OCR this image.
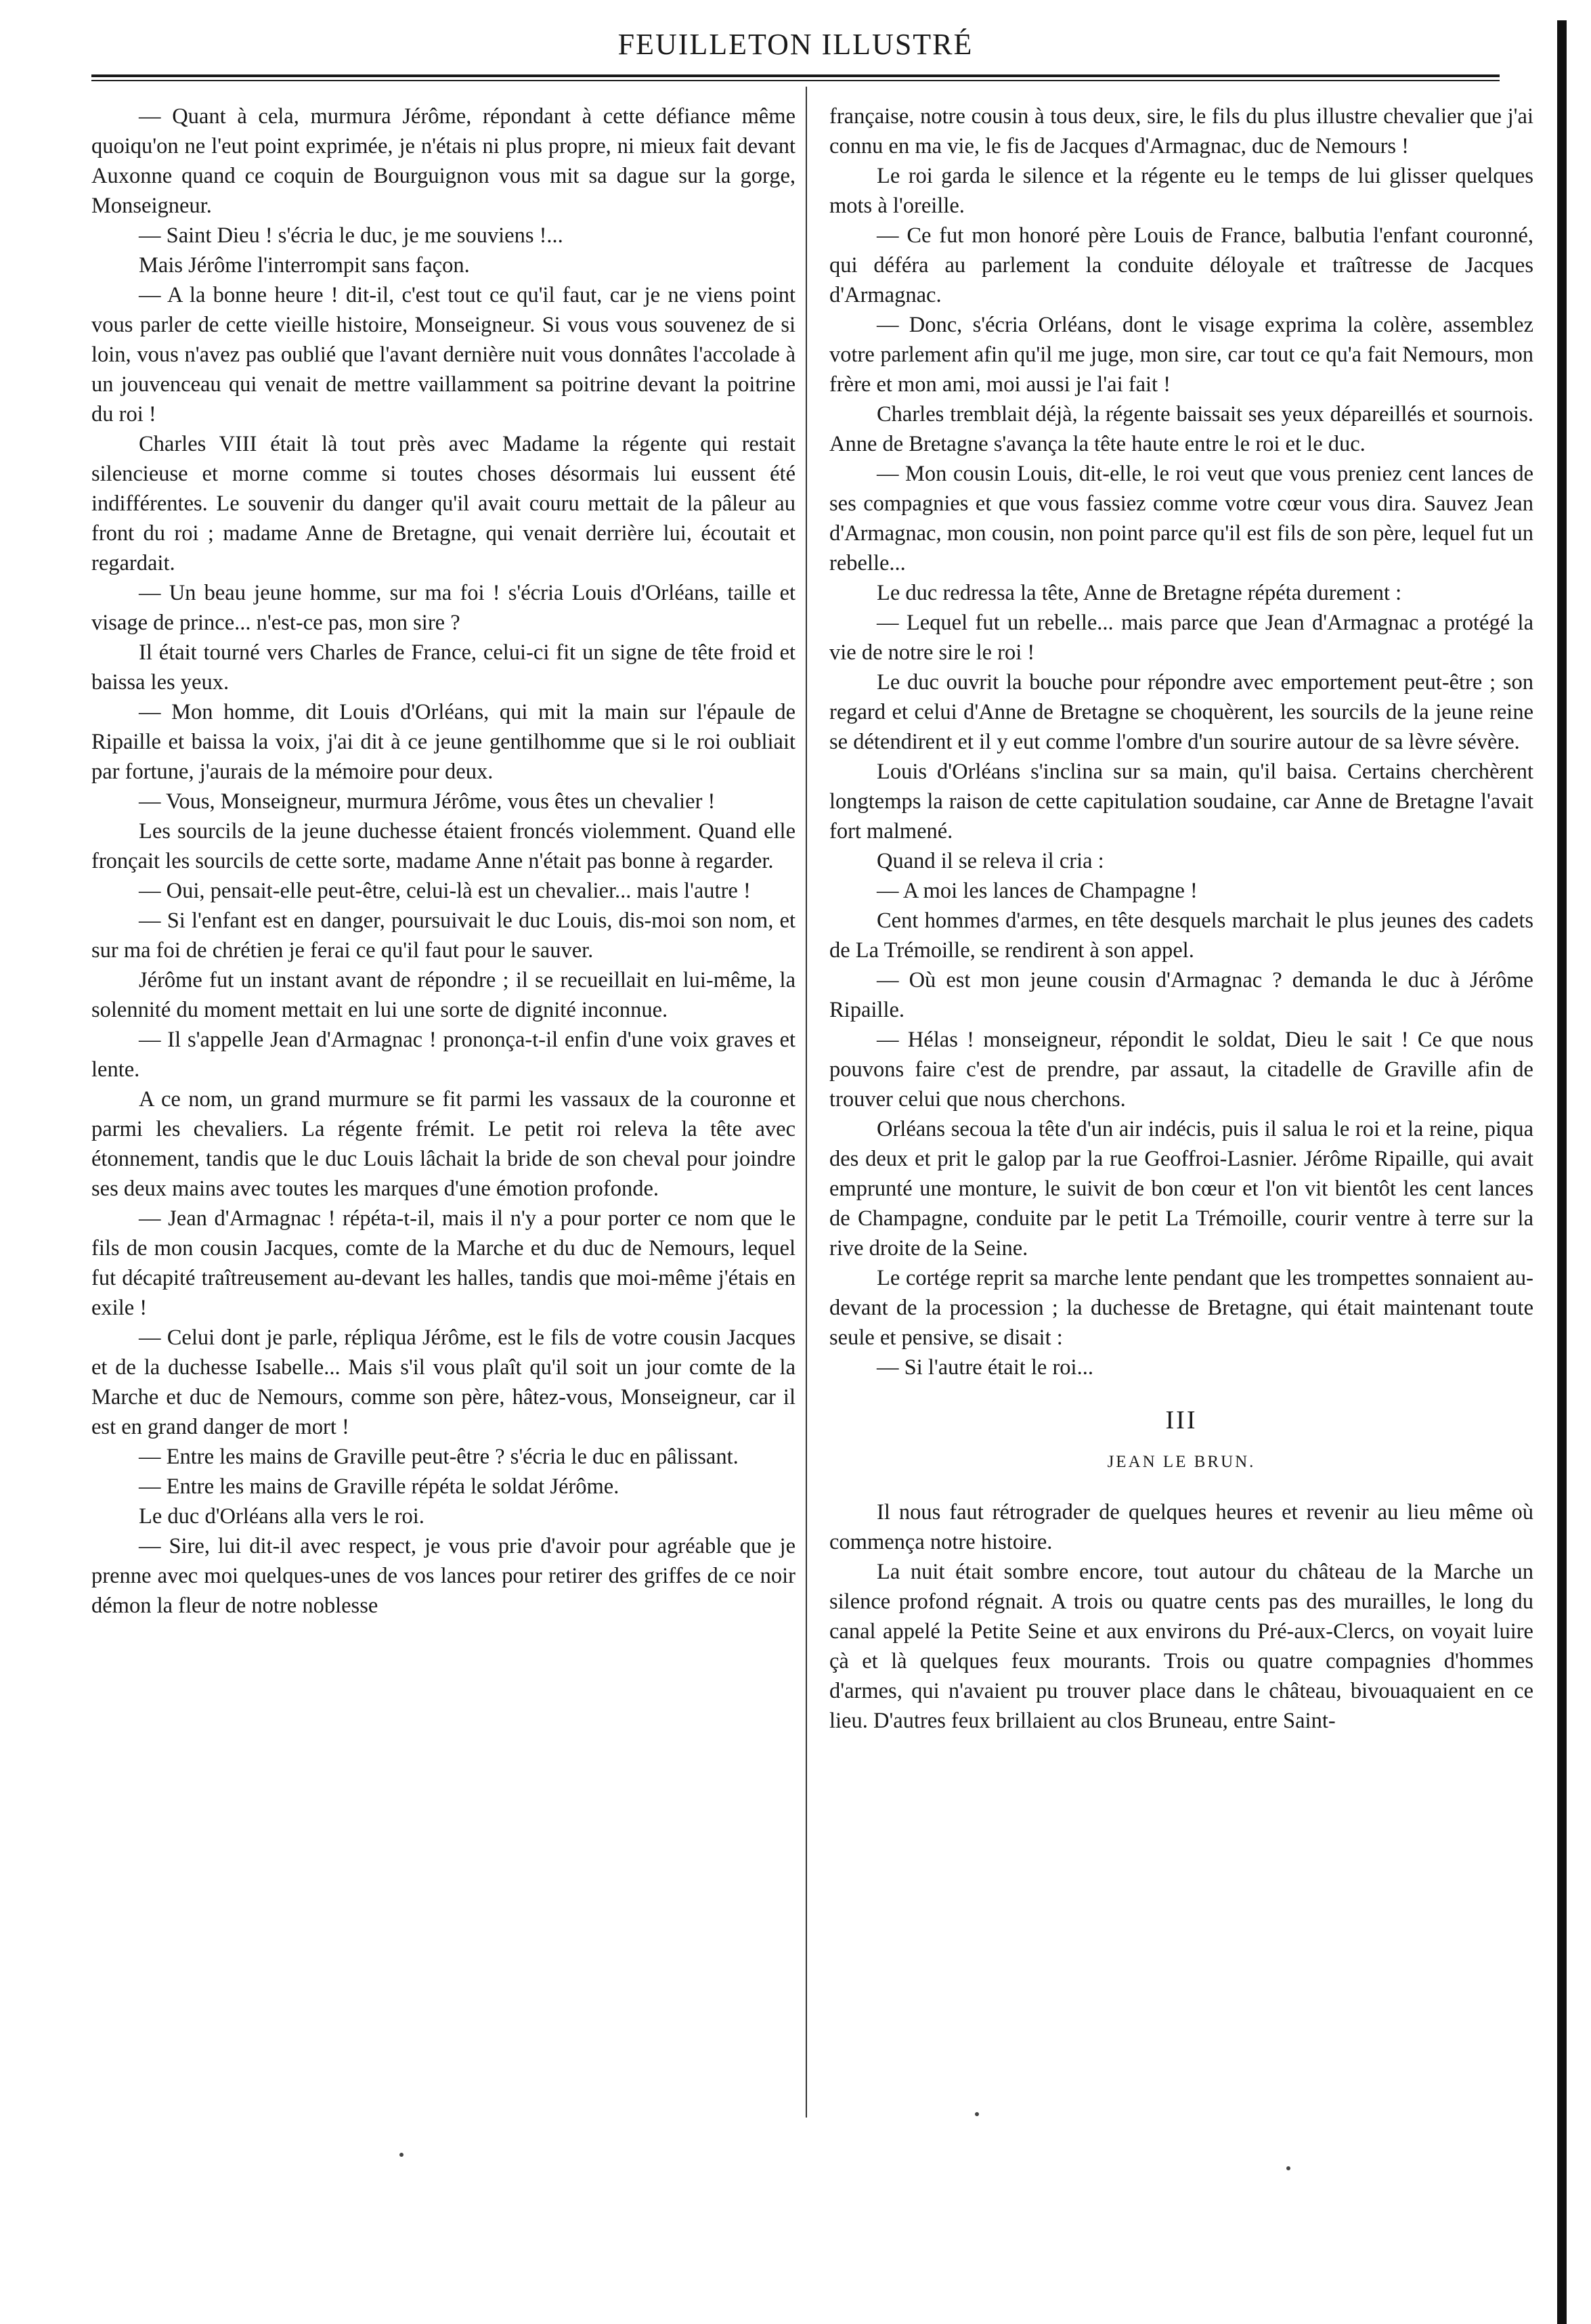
FEUILLETON ILLUSTRÉ

— Quant à cela, murmura Jérôme, répondant à cette défiance même quoiqu'on ne l'eut point exprimée, je n'étais ni plus propre, ni mieux fait devant Auxonne quand ce coquin de Bourguignon vous mit sa dague sur la gorge, Monseigneur.

— Saint Dieu ! s'écria le duc, je me souviens !...

Mais Jérôme l'interrompit sans façon.

— A la bonne heure ! dit-il, c'est tout ce qu'il faut, car je ne viens point vous parler de cette vieille histoire, Monseigneur. Si vous vous souvenez de si loin, vous n'avez pas oublié que l'avant dernière nuit vous donnâtes l'accolade à un jouvenceau qui venait de mettre vaillamment sa poitrine devant la poitrine du roi !

Charles VIII était là tout près avec Madame la régente qui restait silencieuse et morne comme si toutes choses désormais lui eussent été indifférentes. Le souvenir du danger qu'il avait couru mettait de la pâleur au front du roi ; madame Anne de Bretagne, qui venait derrière lui, écoutait et regardait.

— Un beau jeune homme, sur ma foi ! s'écria Louis d'Orléans, taille et visage de prince... n'est-ce pas, mon sire ?

Il était tourné vers Charles de France, celui-ci fit un signe de tête froid et baissa les yeux.

— Mon homme, dit Louis d'Orléans, qui mit la main sur l'épaule de Ripaille et baissa la voix, j'ai dit à ce jeune gentilhomme que si le roi oubliait par fortune, j'aurais de la mémoire pour deux.

— Vous, Monseigneur, murmura Jérôme, vous êtes un chevalier !

Les sourcils de la jeune duchesse étaient froncés violemment. Quand elle fronçait les sourcils de cette sorte, madame Anne n'était pas bonne à regarder.

— Oui, pensait-elle peut-être, celui-là est un chevalier... mais l'autre !

— Si l'enfant est en danger, poursuivait le duc Louis, dis-moi son nom, et sur ma foi de chrétien je ferai ce qu'il faut pour le sauver.

Jérôme fut un instant avant de répondre ; il se recueillait en lui-même, la solennité du moment mettait en lui une sorte de dignité inconnue.

— Il s'appelle Jean d'Armagnac ! prononça-t-il enfin d'une voix graves et lente.

A ce nom, un grand murmure se fit parmi les vassaux de la couronne et parmi les chevaliers. La régente frémit. Le petit roi releva la tête avec étonnement, tandis que le duc Louis lâchait la bride de son cheval pour joindre ses deux mains avec toutes les marques d'une émotion profonde.

— Jean d'Armagnac ! répéta-t-il, mais il n'y a pour porter ce nom que le fils de mon cousin Jacques, comte de la Marche et du duc de Nemours, lequel fut décapité traîtreusement au-devant les halles, tandis que moi-même j'étais en exile !

— Celui dont je parle, répliqua Jérôme, est le fils de votre cousin Jacques et de la duchesse Isabelle... Mais s'il vous plaît qu'il soit un jour comte de la Marche et duc de Nemours, comme son père, hâtez-vous, Monseigneur, car il est en grand danger de mort !

— Entre les mains de Graville peut-être ? s'écria le duc en pâlissant.

— Entre les mains de Graville répéta le soldat Jérôme.

Le duc d'Orléans alla vers le roi.

— Sire, lui dit-il avec respect, je vous prie d'avoir pour agréable que je prenne avec moi quelques-unes de vos lances pour retirer des griffes de ce noir démon la fleur de notre noblesse

française, notre cousin à tous deux, sire, le fils du plus illustre chevalier que j'ai connu en ma vie, le fis de Jacques d'Armagnac, duc de Nemours !

Le roi garda le silence et la régente eu le temps de lui glisser quelques mots à l'oreille.

— Ce fut mon honoré père Louis de France, balbutia l'enfant couronné, qui déféra au parlement la conduite déloyale et traîtresse de Jacques d'Armagnac.

— Donc, s'écria Orléans, dont le visage exprima la colère, assemblez votre parlement afin qu'il me juge, mon sire, car tout ce qu'a fait Nemours, mon frère et mon ami, moi aussi je l'ai fait !

Charles tremblait déjà, la régente baissait ses yeux dépareillés et sournois. Anne de Bretagne s'avança la tête haute entre le roi et le duc.

— Mon cousin Louis, dit-elle, le roi veut que vous preniez cent lances de ses compagnies et que vous fassiez comme votre cœur vous dira. Sauvez Jean d'Armagnac, mon cousin, non point parce qu'il est fils de son père, lequel fut un rebelle...

Le duc redressa la tête, Anne de Bretagne répéta durement :

— Lequel fut un rebelle... mais parce que Jean d'Armagnac a protégé la vie de notre sire le roi !

Le duc ouvrit la bouche pour répondre avec emportement peut-être ; son regard et celui d'Anne de Bretagne se choquèrent, les sourcils de la jeune reine se détendirent et il y eut comme l'ombre d'un sourire autour de sa lèvre sévère.

Louis d'Orléans s'inclina sur sa main, qu'il baisa. Certains cherchèrent longtemps la raison de cette capitulation soudaine, car Anne de Bretagne l'avait fort malmené.

Quand il se releva il cria :

— A moi les lances de Champagne !

Cent hommes d'armes, en tête desquels marchait le plus jeunes des cadets de La Trémoille, se rendirent à son appel.

— Où est mon jeune cousin d'Armagnac ? demanda le duc à Jérôme Ripaille.

— Hélas ! monseigneur, répondit le soldat, Dieu le sait ! Ce que nous pouvons faire c'est de prendre, par assaut, la citadelle de Graville afin de trouver celui que nous cherchons.

Orléans secoua la tête d'un air indécis, puis il salua le roi et la reine, piqua des deux et prit le galop par la rue Geoffroi-Lasnier. Jérôme Ripaille, qui avait emprunté une monture, le suivit de bon cœur et l'on vit bientôt les cent lances de Champagne, conduite par le petit La Trémoille, courir ventre à terre sur la rive droite de la Seine.

Le cortége reprit sa marche lente pendant que les trompettes sonnaient au-devant de la procession ; la duchesse de Bretagne, qui était maintenant toute seule et pensive, se disait :

— Si l'autre était le roi...

III
JEAN LE BRUN.

Il nous faut rétrograder de quelques heures et revenir au lieu même où commença notre histoire.

La nuit était sombre encore, tout autour du château de la Marche un silence profond régnait. A trois ou quatre cents pas des murailles, le long du canal appelé la Petite Seine et aux environs du Pré-aux-Clercs, on voyait luire çà et là quelques feux mourants. Trois ou quatre compagnies d'hommes d'armes, qui n'avaient pu trouver place dans le château, bivouaquaient en ce lieu. D'autres feux brillaient au clos Bruneau, entre Saint-
